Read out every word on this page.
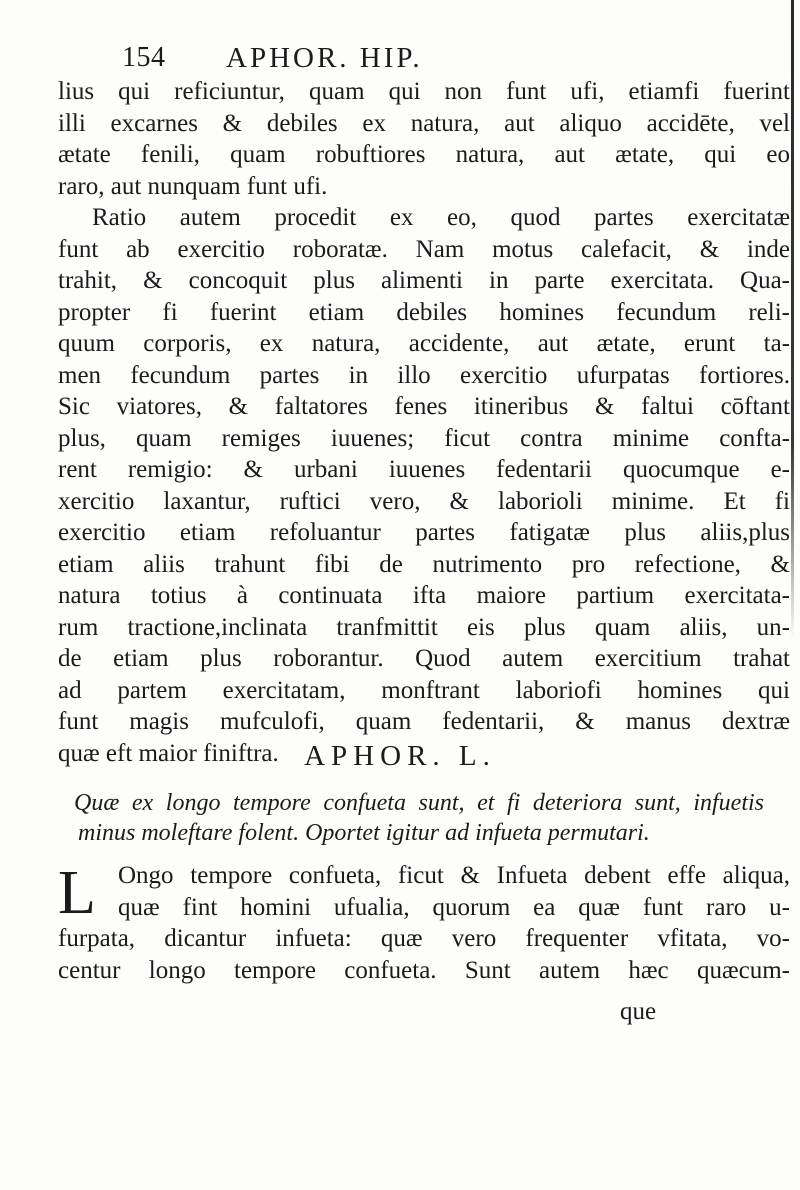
154 APHOR. HIP.
lius qui reficiuntur, quam qui non funt ufi, etiamfi fuerint
illi excarnes & debiles ex natura, aut aliquo accidēte, vel
ætate fenili, quam robuftiores natura, aut ætate, qui eo
raro, aut nunquam funt ufi.
Ratio autem procedit ex eo, quod partes exercitatæ
funt ab exercitio roboratæ. Nam motus calefacit, & inde
trahit, & concoquit plus alimenti in parte exercitata. Qua-
propter fi fuerint etiam debiles homines fecundum reli-
quum corporis, ex natura, accidente, aut ætate, erunt ta-
men fecundum partes in illo exercitio ufurpatas fortiores.
Sic viatores, & faltatores fenes itineribus & faltui cōftant
plus, quam remiges iuuenes; ficut contra minime confta-
rent remigio: & urbani iuuenes fedentarii quocumque e-
xercitio laxantur, ruftici vero, & laborioli minime. Et fi
exercitio etiam refoluantur partes fatigatæ plus aliis,plus
etiam aliis trahunt fibi de nutrimento pro refectione, &
natura totius à continuata ifta maiore partium exercitata-
rum tractione,inclinata tranfmittit eis plus quam aliis, un-
de etiam plus roborantur. Quod autem exercitium trahat
ad partem exercitatam, monftrant laboriofi homines qui
funt magis mufculofi, quam fedentarii, & manus dextræ
quæ eft maior finiftra. APHOR. L.
Quæ ex longo tempore confueta sunt, et fi deteriora sunt, infuetis
minus moleftare folent. Oportet igitur ad infueta permutari.
L Ongo tempore confueta, ficut & Infueta debent effe aliqua,
quæ fint homini ufualia, quorum ea quæ funt raro u-
furpata, dicantur infueta: quæ vero frequenter vfitata, vo-
centur longo tempore confueta. Sunt autem hæc quæcum-
que
